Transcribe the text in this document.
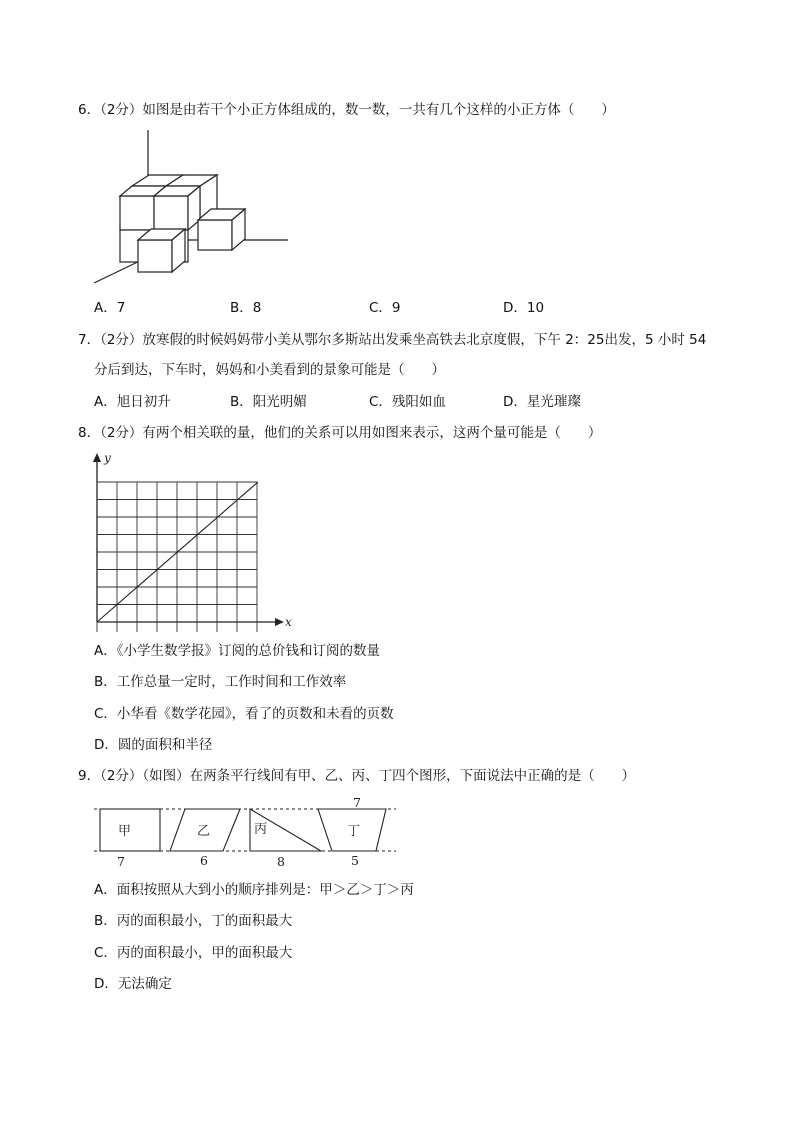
6．（2分）如图是由若干个小正方体组成的，数一数，一共有几个这样的小正方体（　　）
A．7	B．8	C．9	D．10
7．（2分）放寒假的时候妈妈带小美从鄂尔多斯站出发乘坐高铁去北京度假，下午 2：25出发，5 小时 54
分后到达，下车时，妈妈和小美看到的景象可能是（　　）
A．旭日初升	B．阳光明媚	C．残阳如血	D．星光璀璨
8．（2分）有两个相关联的量，他们的关系可以用如图来表示，这两个量可能是（　　）
y
x
A．《小学生数学报》订阅的总价钱和订阅的数量
B．工作总量一定时，工作时间和工作效率
C．小华看《数学花园》，看了的页数和未看的页数
D．圆的面积和半径
9．（2分）（如图）在两条平行线间有甲、乙、丙、丁四个图形，下面说法中正确的是（　　）
甲	乙	丙	丁
7
7	6	8	5
A．面积按照从大到小的顺序排列是：甲＞乙＞丁＞丙
B．丙的面积最小，丁的面积最大
C．丙的面积最小，甲的面积最大
D．无法确定
